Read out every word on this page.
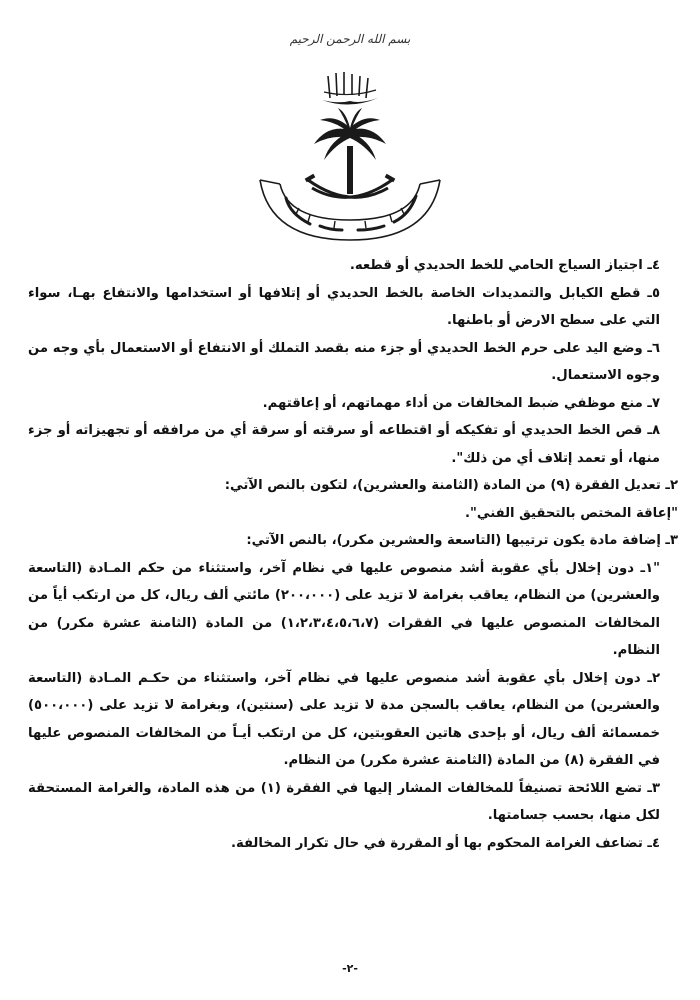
بسم الله الرحمن الرحيم

٤ـ اجتياز السياج الحامي للخط الحديدي أو قطعه.

٥ـ قطع الكيابل والتمديدات الخاصة بالخط الحديدي أو إتلافها أو استخدامها والانتفاع بهـا، سواء التي على سطح الارض أو باطنها.

٦ـ وضع اليد على حرم الخط الحديدي أو جزء منه بقصد التملك أو الانتفاع أو الاستعمال بأي وجه من وجوه الاستعمال.

٧ـ منع موظفي ضبط المخالفات من أداء مهماتهم، أو إعاقتهم.

٨ـ قص الخط الحديدي أو تفكيكه أو اقتطاعه أو سرقته أو سرقة أي من مرافقه أو تجهيزاته أو جزء منها، أو تعمد إتلاف أي من ذلك".

٢ـ تعديل الفقرة (٩) من المادة (الثامنة والعشرين)، لتكون بالنص الآتي:

"إعاقة المختص بالتحقيق الفني".

٣ـ إضافة مادة يكون ترتيبها (التاسعة والعشرين مكرر)، بالنص الآتي:

"١ـ دون إخلال بأي عقوبة أشد منصوص عليها في نظام آخر، واستثناء من حكم المـادة (التاسعة والعشرين) من النظام، يعاقب بغرامة لا تزيد على (٢٠٠،٠٠٠) مائتي ألف ريال، كل من ارتكب أياً من المخالفات المنصوص عليها في الفقرات (١،٢،٣،٤،٥،٦،٧) من المادة (الثامنة عشرة مكرر) من النظام.

٢ـ دون إخلال بأي عقوبة أشد منصوص عليها في نظام آخر، واستثناء من حكـم المـادة (التاسعة والعشرين) من النظام، يعاقب بالسجن مدة لا تزيد على (سنتين)، وبغرامة لا تزيد على (٥٠٠،٠٠٠) خمسمائة ألف ريال، أو بإحدى هاتين العقوبتين، كل من ارتكب أيـاً من المخالفات المنصوص عليها في الفقرة (٨) من المادة (الثامنة عشرة مكرر) من النظام.

٣ـ تضع اللائحة تصنيفاً للمخالفات المشار إليها في الفقرة (١) من هذه المادة، والغرامة المستحقة لكل منها، بحسب جسامتها.

٤ـ تضاعف الغرامة المحكوم بها أو المقررة في حال تكرار المخالفة.

-٢-
